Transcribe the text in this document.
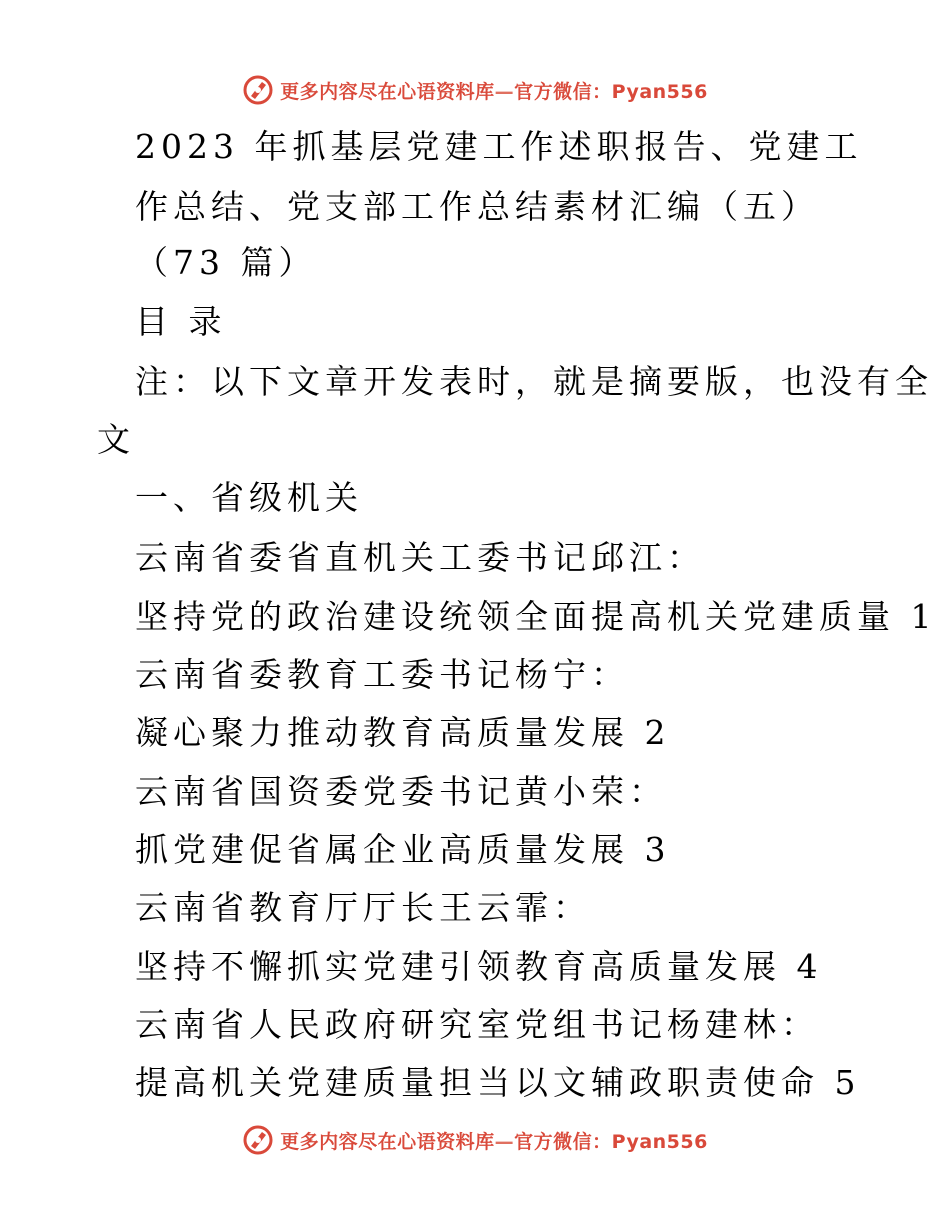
更多内容尽在心语资料库—官方微信：Pyan556
2023 年抓基层党建工作述职报告、党建工
作总结、党支部工作总结素材汇编（五）
（73 篇）
目 录
注：以下文章开发表时，就是摘要版，也没有全
文
一、省级机关
云南省委省直机关工委书记邱江：
坚持党的政治建设统领全面提高机关党建质量 1
云南省委教育工委书记杨宁：
凝心聚力推动教育高质量发展 2
云南省国资委党委书记黄小荣：
抓党建促省属企业高质量发展 3
云南省教育厅厅长王云霏：
坚持不懈抓实党建引领教育高质量发展 4
云南省人民政府研究室党组书记杨建林：
提高机关党建质量担当以文辅政职责使命 5
更多内容尽在心语资料库—官方微信：Pyan556
